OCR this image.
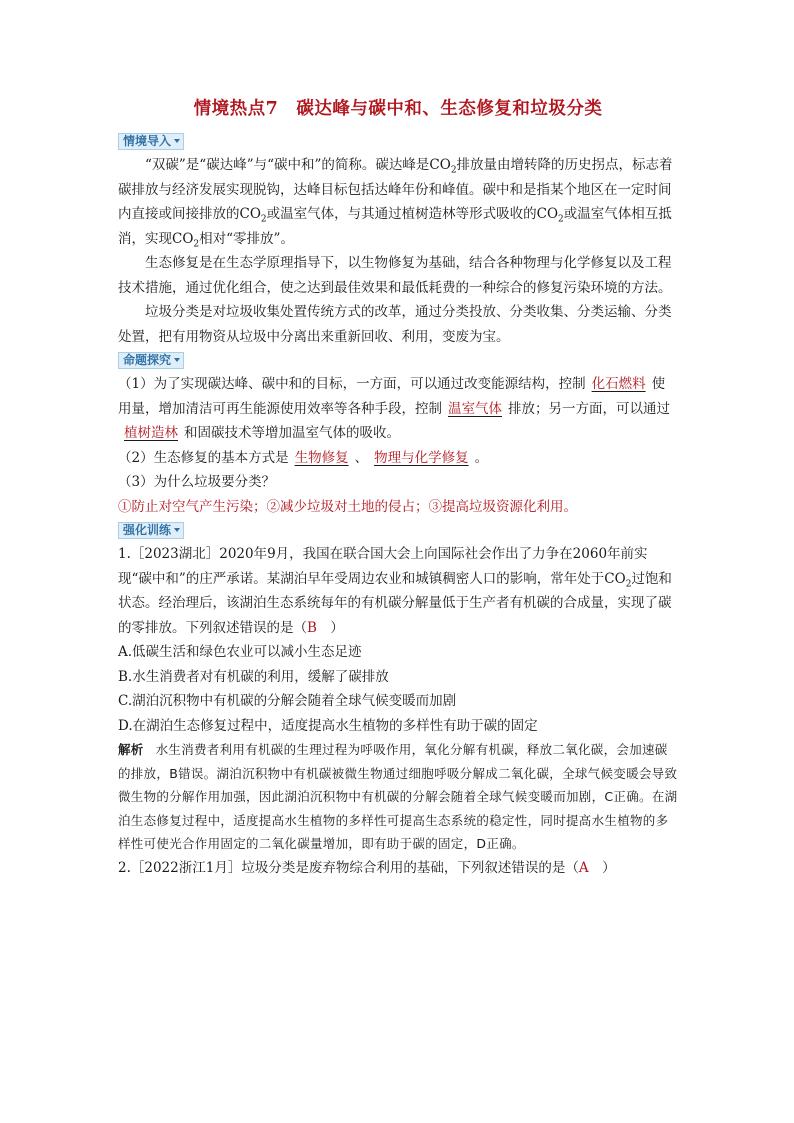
情境热点7　碳达峰与碳中和、生态修复和垃圾分类
情境导入

“双碳”是“碳达峰”与“碳中和”的简称。碳达峰是$CO_2$排放量由增转降的历史拐点，标志着碳排放与经济发展实现脱钩，达峰目标包括达峰年份和峰值。碳中和是指某个地区在一定时间内直接或间接排放的$CO_2$或温室气体，与其通过植树造林等形式吸收的$CO_2$或温室气体相互抵消，实现$CO_2$相对“零排放”。

生态修复是在生态学原理指导下，以生物修复为基础，结合各种物理与化学修复以及工程技术措施，通过优化组合，使之达到最佳效果和最低耗费的一种综合的修复污染环境的方法。

垃圾分类是对垃圾收集处置传统方式的改革，通过分类投放、分类收集、分类运输、分类处置，把有用物资从垃圾中分离出来重新回收、利用，变废为宝。

命题探究

（1）为了实现碳达峰、碳中和的目标，一方面，可以通过改变能源结构，控制 化石燃料 使用量，增加清洁可再生能源使用效率等各种手段，控制 温室气体 排放；另一方面，可以通过植树造林 和固碳技术等增加温室气体的吸收。

（2）生态修复的基本方式是 生物修复 、 物理与化学修复 。

（3）为什么垃圾要分类？

①防止对空气产生污染；②减少垃圾对土地的侵占；③提高垃圾资源化利用。

强化训练

1.［2023湖北］2020年9月，我国在联合国大会上向国际社会作出了力争在2060年前实现“碳中和”的庄严承诺。某湖泊早年受周边农业和城镇稠密人口的影响，常年处于$CO_2$过饱和状态。经治理后，该湖泊生态系统每年的有机碳分解量低于生产者有机碳的合成量，实现了碳的零排放。下列叙述错误的是（B　）

A.低碳生活和绿色农业可以减小生态足迹

B.水生消费者对有机碳的利用，缓解了碳排放

C.湖泊沉积物中有机碳的分解会随着全球气候变暖而加剧

D.在湖泊生态修复过程中，适度提高水生植物的多样性有助于碳的固定

解析 水生消费者利用有机碳的生理过程为呼吸作用，氧化分解有机碳，释放二氧化碳，会加速碳的排放，B错误。湖泊沉积物中有机碳被微生物通过细胞呼吸分解成二氧化碳，全球气候变暖会导致微生物的分解作用加强，因此湖泊沉积物中有机碳的分解会随着全球气候变暖而加剧，C正确。在湖泊生态修复过程中，适度提高水生植物的多样性可提高生态系统的稳定性，同时提高水生植物的多样性可使光合作用固定的二氧化碳量增加，即有助于碳的固定，D正确。

2.［2022浙江1月］垃圾分类是废弃物综合利用的基础，下列叙述错误的是（A　）
